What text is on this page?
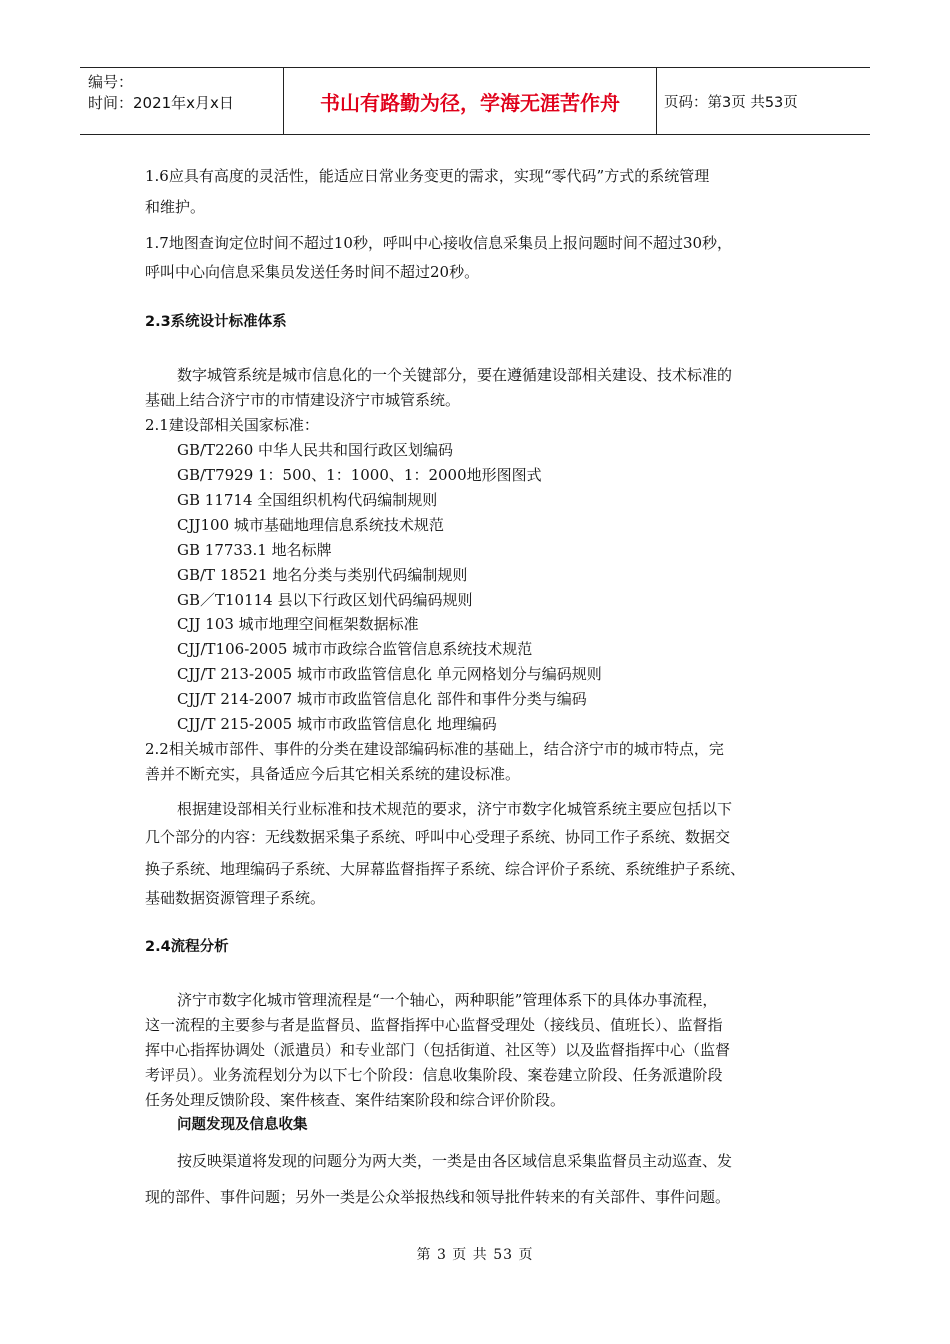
编号：
时间：2021年x月x日	书山有路勤为径，学海无涯苦作舟	页码：第3页 共53页
1.6应具有高度的灵活性，能适应日常业务变更的需求，实现“零代码”方式的系统管理
和维护。
1.7地图查询定位时间不超过10秒，呼叫中心接收信息采集员上报问题时间不超过30秒，
呼叫中心向信息采集员发送任务时间不超过20秒。
2.3系统设计标准体系
数字城管系统是城市信息化的一个关键部分，要在遵循建设部相关建设、技术标准的
基础上结合济宁市的市情建设济宁市城管系统。
2.1建设部相关国家标准：
GB/T2260 中华人民共和国行政区划编码
GB/T7929 1：500、1：1000、1：2000地形图图式
GB 11714 全国组织机构代码编制规则
CJJ100 城市基础地理信息系统技术规范
GB 17733.1 地名标牌
GB/T 18521 地名分类与类别代码编制规则
GB／T10114 县以下行政区划代码编码规则
CJJ 103 城市地理空间框架数据标准
CJJ/T106-2005 城市市政综合监管信息系统技术规范
CJJ/T 213-2005 城市市政监管信息化 单元网格划分与编码规则
CJJ/T 214-2007 城市市政监管信息化 部件和事件分类与编码
CJJ/T 215-2005 城市市政监管信息化 地理编码
2.2相关城市部件、事件的分类在建设部编码标准的基础上，结合济宁市的城市特点，完
善并不断充实，具备适应今后其它相关系统的建设标准。
根据建设部相关行业标准和技术规范的要求，济宁市数字化城管系统主要应包括以下
几个部分的内容：无线数据采集子系统、呼叫中心受理子系统、协同工作子系统、数据交
换子系统、地理编码子系统、大屏幕监督指挥子系统、综合评价子系统、系统维护子系统、
基础数据资源管理子系统。
2.4流程分析
济宁市数字化城市管理流程是“一个轴心，两种职能”管理体系下的具体办事流程，
这一流程的主要参与者是监督员、监督指挥中心监督受理处（接线员、值班长）、监督指
挥中心指挥协调处（派遣员）和专业部门（包括街道、社区等）以及监督指挥中心（监督
考评员）。业务流程划分为以下七个阶段：信息收集阶段、案卷建立阶段、任务派遣阶段
任务处理反馈阶段、案件核查、案件结案阶段和综合评价阶段。
问题发现及信息收集
按反映渠道将发现的问题分为两大类，一类是由各区域信息采集监督员主动巡查、发
现的部件、事件问题；另外一类是公众举报热线和领导批件转来的有关部件、事件问题。
第 3 页 共 53 页
